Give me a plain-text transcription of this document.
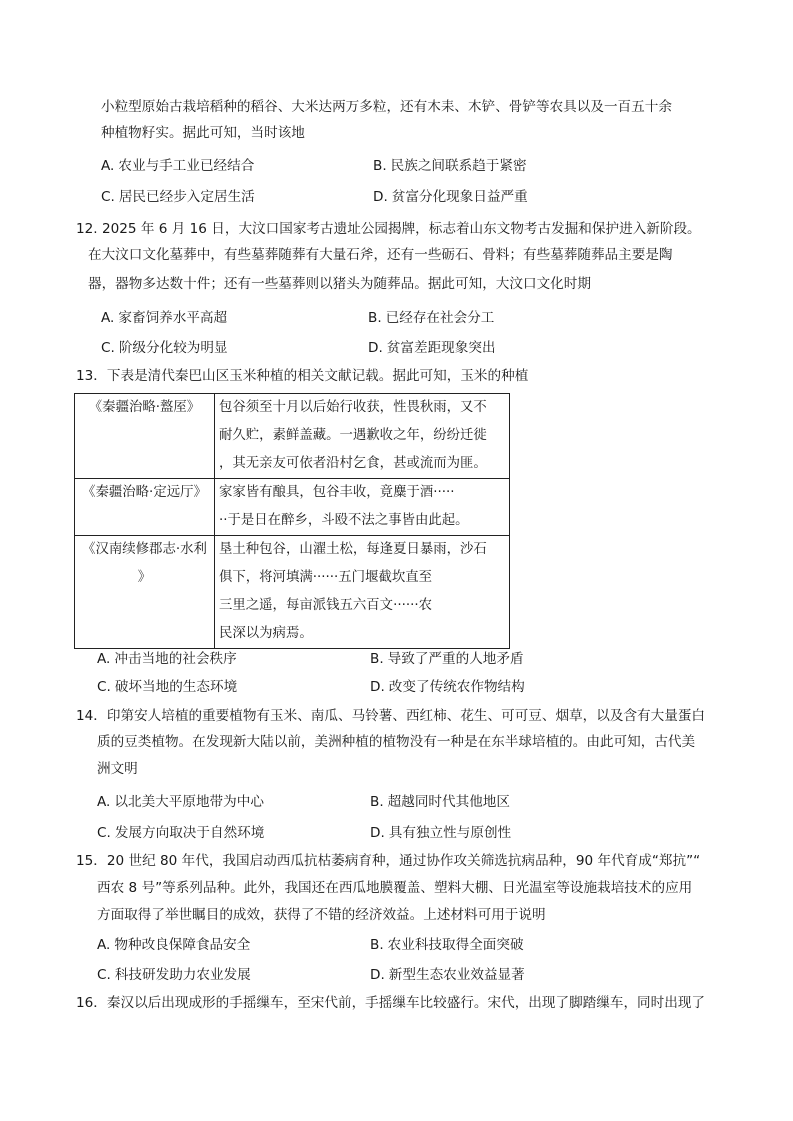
小粒型原始古栽培稻种的稻谷、大米达两万多粒，还有木耒、木铲、骨铲等农具以及一百五十余
种植物籽实。据此可知，当时该地
A. 农业与手工业已经结合	B. 民族之间联系趋于紧密
C. 居民已经步入定居生活	D. 贫富分化现象日益严重
12. 2025 年 6 月 16 日，大汶口国家考古遗址公园揭牌，标志着山东文物考古发掘和保护进入新阶段。
在大汶口文化墓葬中，有些墓葬随葬有大量石斧，还有一些砺石、骨料；有些墓葬随葬品主要是陶
器，器物多达数十件；还有一些墓葬则以猪头为随葬品。据此可知，大汶口文化时期
A. 家畜饲养水平高超	B. 已经存在社会分工
C. 阶级分化较为明显	D. 贫富差距现象突出
13．下表是清代秦巴山区玉米种植的相关文献记载。据此可知，玉米的种植
《秦疆治略·盩厔》	包谷须至十月以后始行收获，性畏秋雨，又不
耐久贮，素鲜盖藏。一遇歉收之年，纷纷迁徙
，其无亲友可依者沿村乞食，甚或流而为匪。

《秦疆治略·定远厅》	家家皆有酿具，包谷丰收，竟麋于酒·····
··于是日在醉乡，斗殴不法之事皆由此起。

《汉南续修郡志·水利
》	垦土种包谷，山濯土松，每逢夏日暴雨，沙石
俱下，将河填满······五门堰截坎直至
三里之遥，每亩派钱五六百文······农
民深以为病焉。
A. 冲击当地的社会秩序	B. 导致了严重的人地矛盾
C. 破坏当地的生态环境	D. 改变了传统农作物结构
14．印第安人培植的重要植物有玉米、南瓜、马铃薯、西红柿、花生、可可豆、烟草，以及含有大量蛋白
质的豆类植物。在发现新大陆以前，美洲种植的植物没有一种是在东半球培植的。由此可知，古代美
洲文明
A. 以北美大平原地带为中心	B. 超越同时代其他地区
C. 发展方向取决于自然环境	D. 具有独立性与原创性
15．20 世纪 80 年代，我国启动西瓜抗枯萎病育种，通过协作攻关筛选抗病品种，90 年代育成“郑抗”“
西农 8 号”等系列品种。此外，我国还在西瓜地膜覆盖、塑料大棚、日光温室等设施栽培技术的应用
方面取得了举世瞩目的成效，获得了不错的经济效益。上述材料可用于说明
A. 物种改良保障食品安全	B. 农业科技取得全面突破
C. 科技研发助力农业发展	D. 新型生态农业效益显著
16．秦汉以后出现成形的手摇缫车，至宋代前，手摇缫车比较盛行。宋代，出现了脚踏缫车，同时出现了
